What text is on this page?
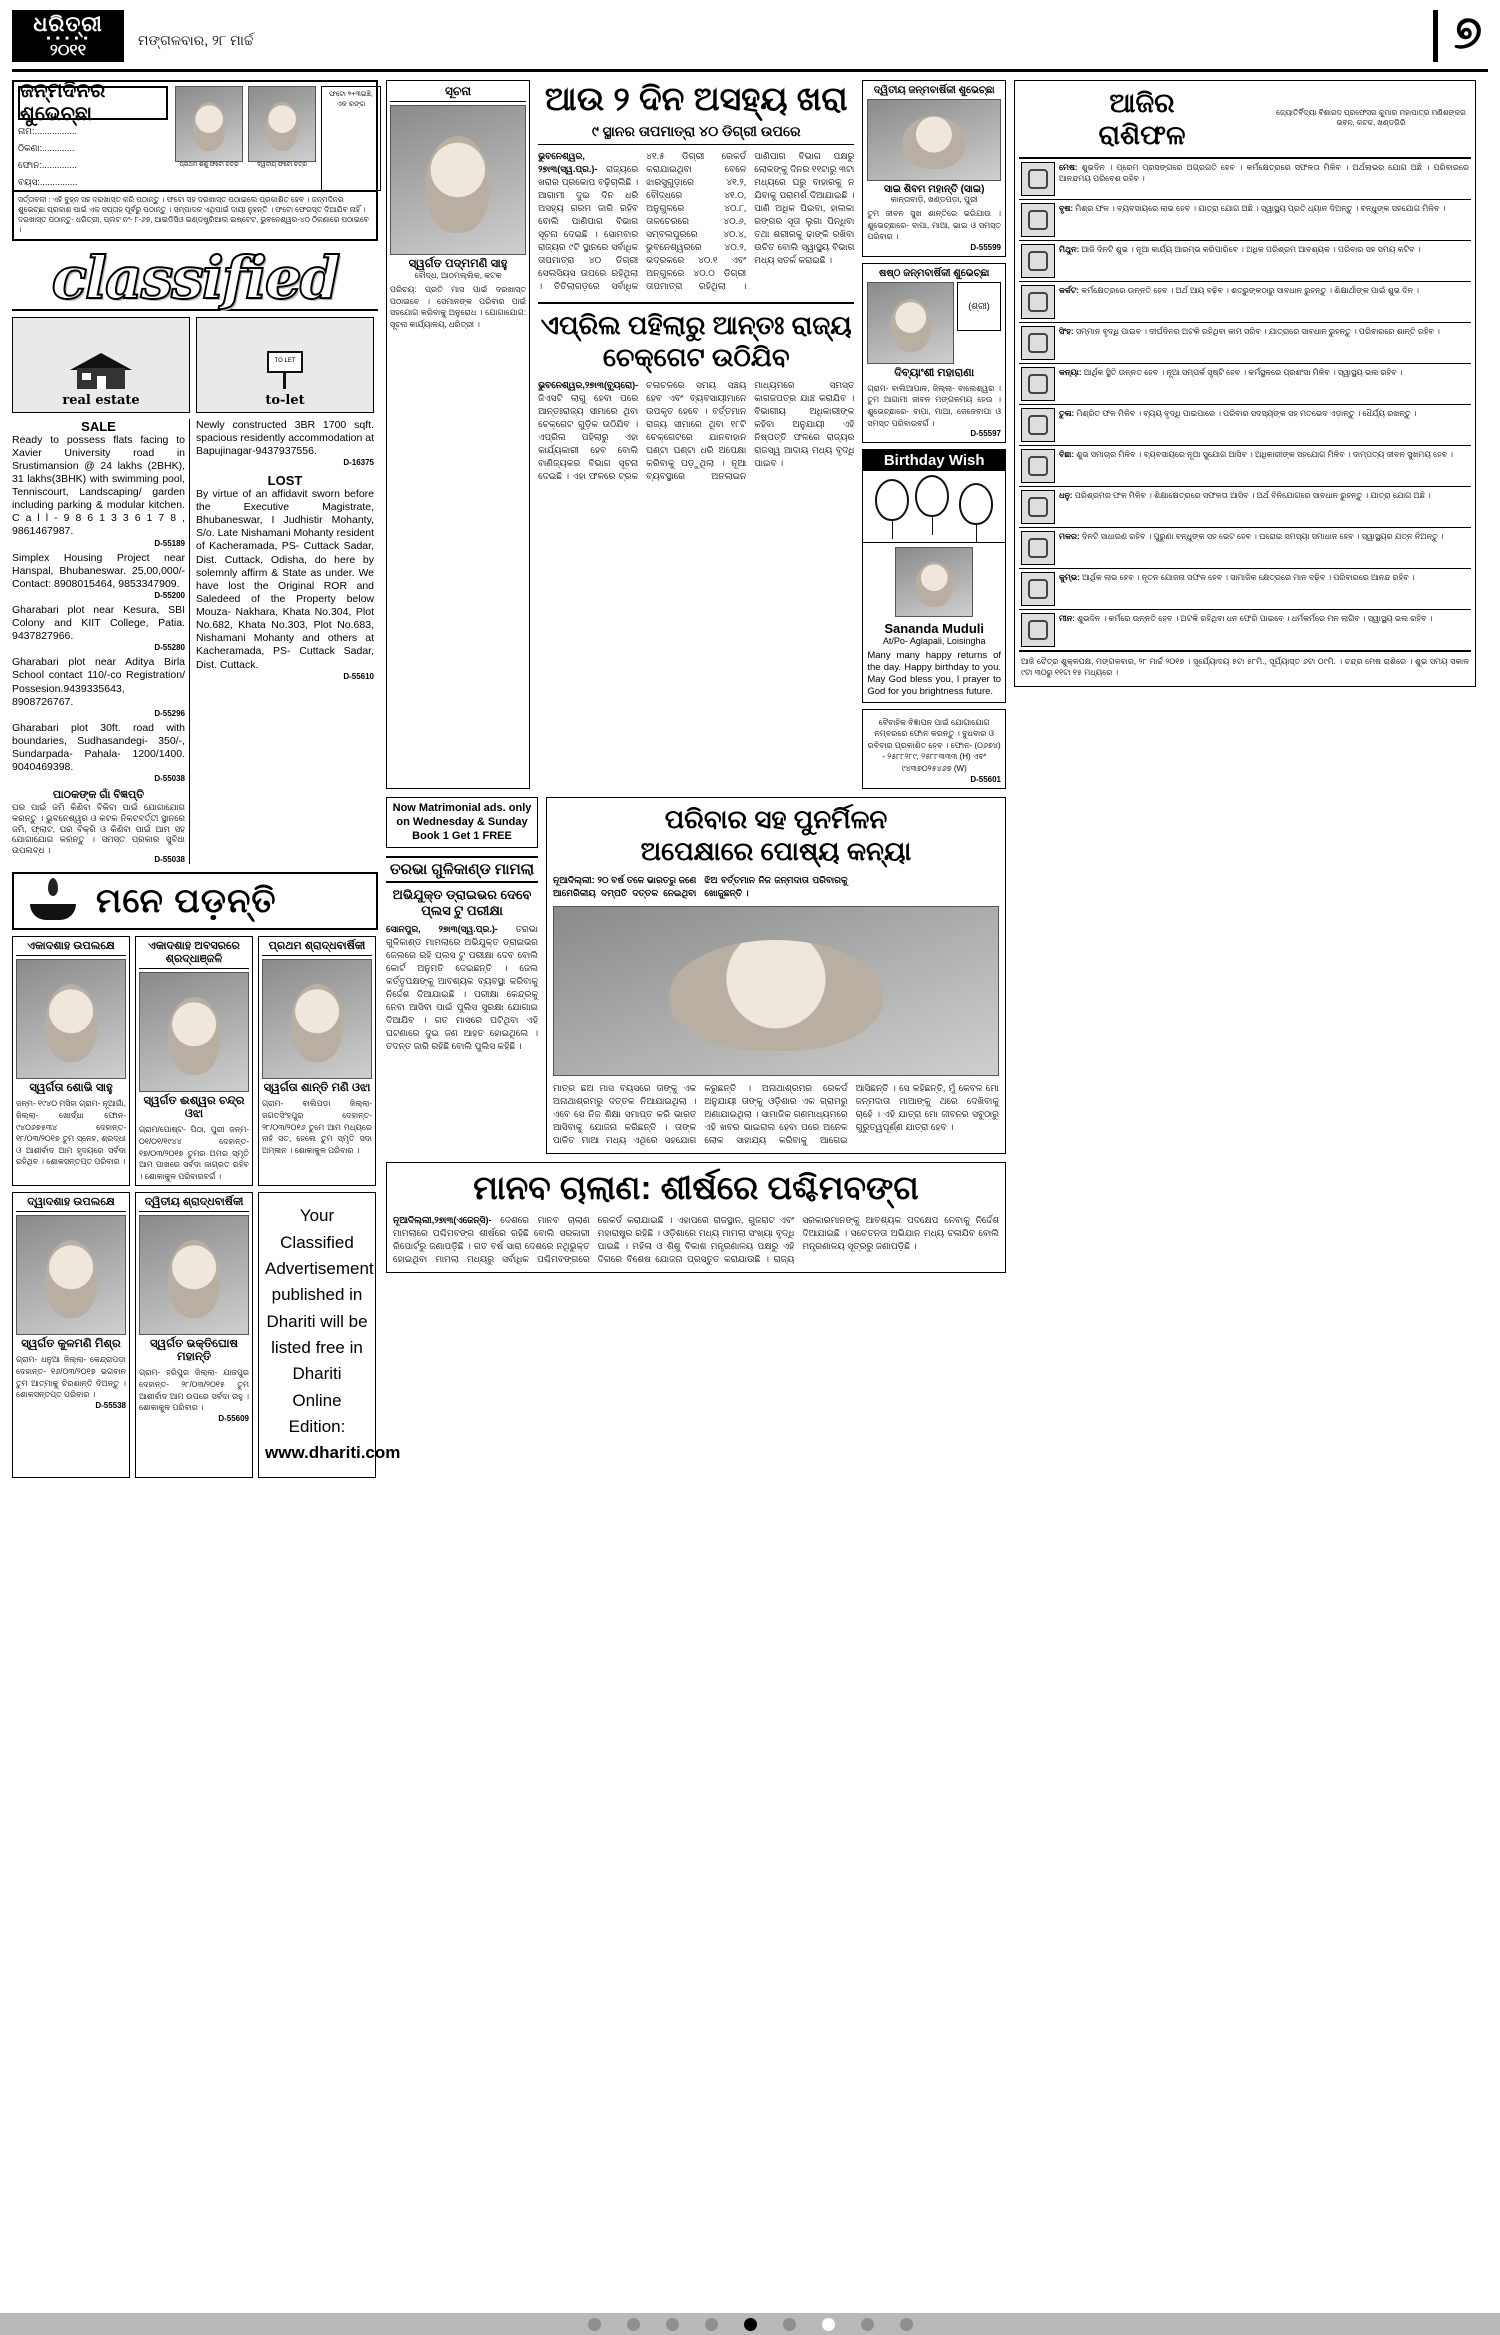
ଧରିତ୍ରୀ
■ ■ ■ ■ ■
୨୦୧୧
ମଙ୍ଗଳବାର, ୨୮ ମାର୍ଚ୍ଚ	୭
ଜନ୍ମଦିନର ଶୁଭେଚ୍ଛା
ନାମ:.................
ଠିକଣା:.............
ଫୋନ:..............
ବୟସ:...............
ପ୍ରଥମ ଶିଶୁ ଫଟୋ ଚିତ୍ର	ଦ୍ୱିତୀୟ ଫଟୋ ଚିତ୍ର
ଫଟୋ ୨+୩ଇଞ୍ଚି, ଏକ ରଙ୍ଗ
ସର୍ତ୍ତାବଳୀ : ଏହି ବୁହ୍ନ ସହ ଦରଖାସ୍ତ କରି ପଠାନ୍ତୁ । ଫଟୋ ସହ ଦରଖାସ୍ତ ପଠାଇଲେ ପ୍ରକାଶିତ ହେବ । ଜନ୍ମଦିନର ଶୁଭେଚ୍ଛା ପ୍ରକାଶ ପାଇଁ ଏକ ସପ୍ତାହ ପୂର୍ବରୁ ପଠାନ୍ତୁ । ସମ୍ପାଦକ ଏଥିପାଇଁ ଦାୟୀ ନୁହନ୍ତି । ଫଟୋ ଫେରସ୍ତ ଦିଆଯିବ ନାହିଁ । ଦରଖାସ୍ତ ପଠାନ୍ତୁ- ଧରିତ୍ରୀ, ପ୍ଲଟ ନଂ- ୮-୬୭, ଆଇଡିସିଓ ଇଣ୍ଡଷ୍ଟ୍ରିଆଲ ଇଷ୍ଟେଟ, ଭୁବନେଶ୍ୱର-୪୦ ଠିକଣାରେ ପଠାଇବେ ।
classified
real estate
TO LET
to-let
SALE
Ready to possess flats facing to Xavier University road in Srustimansion @ 24 lakhs (2BHK), 31 lakhs(3BHK) with swimming pool, Tenniscourt, Landscaping/ garden including parking & modular kitchen. C a l l - 9 8 6 1 3 3 6 1 7 8 , 9861467987.
D-55189
Simplex Housing Project near Hanspal, Bhubaneswar. 25,00,000/- Contact: 8908015464, 9853347909.
D-55200
Gharabari plot near Kesura, SBI Colony and KIIT College, Patia. 9437827966.
D-55280
Gharabari plot near Aditya Birla School contact 110/-co Registration/ Possesion.9439335643, 8908726767.
D-55296
Gharabari plot 30ft. road with boundaries, Sudhasandegi- 350/-, Sundarpada- Pahala- 1200/1400. 9040469398.
D-55038
ପାଠକଙ୍କ ଗାଁ ବିଜ୍ଞପ୍ତି
ଘର ପାଇଁ ଜମି କିଣିବା ବିକିବା ପାଇଁ ଯୋଗାଯୋଗ କରନ୍ତୁ । ଭୁବନେଶ୍ୱର ଓ କଟକ ନିକଟବର୍ତ୍ତୀ ସ୍ଥାନରେ ଜମି, ଫ୍ଲାଟ, ଘର ବିକ୍ରି ଓ କିଣିବା ପାଇଁ ଆମ ସହ ଯୋଗାଯୋଗ କରନ୍ତୁ । ସମସ୍ତ ପ୍ରକାର ସୁବିଧା ଉପଲବ୍ଧ ।
D-55038
Newly constructed 3BR 1700 sqft. spacious residently accommodation at Bapujinagar-9437937556.
D-16375
LOST
By virtue of an affidavit sworn before the Executive Magistrate, Bhubaneswar, I Judhistir Mohanty, S/o. Late Nishamani Mohanty resident of Kacheramada, PS- Cuttack Sadar, Dist. Cuttack, Odisha, do here by solemnly affirm & State as under. We have lost the Original ROR and Saledeed of the Property below Mouza- Nakhara, Khata No.304, Plot No.682, Khata No.303, Plot No.683, Nishamani Mohanty and others at Kacheramada, PS- Cuttack Sadar, Dist. Cuttack.
D-55610
ମନେ ପଡ଼ନ୍ତି
ଏକାଦଶାହ ଉପଲକ୍ଷେ
ସ୍ୱର୍ଗତା ଶୋଭି ସାହୁ
ଜନ୍ମ- ୧୯୪୦ ମସିହା ଗ୍ରାମ- ନୂଆଗାଁ, ଜିଲ୍ଲା- ଖୋର୍ଦ୍ଧା ଫୋନ- ୯୪୦୬୭୫୩୪ ଦେହାନ୍ତ- ୧୮/୦୩/୨୦୧୭ ତୁମ ସ୍ନେହ, ଶ୍ରଦ୍ଧା ଓ ଆଶୀର୍ବାଦ ଆମ ହୃଦୟରେ ସର୍ବଦା ରହିଥିବ । ଶୋକସନ୍ତପ୍ତ ପରିବାର ।
ଏକାଦଶାହ ଅବସରରେ ଶ୍ରଦ୍ଧାଞ୍ଜଳି
ସ୍ୱର୍ଗତ ଈଶ୍ୱର ଚନ୍ଦ୍ର ଓଝା
ଗ୍ରାମ/ପୋଷ୍ଟ- ପିଠା, ପୁରୀ ଜନ୍ମ- ୦୧/୦୧/୧୯୪୪ ଦେହାନ୍ତ- ୧୭/୦୩/୨୦୧୭ ତୁମର ଅମର ସ୍ମୃତି ଆମ ପାଖରେ ସର୍ବଦା ଜାଗ୍ରତ ରହିବ । ଶୋକାକୁଳ ପରିବାରବର୍ଗ ।
ପ୍ରଥମ ଶ୍ରାଦ୍ଧବାର୍ଷିକୀ
ସ୍ୱର୍ଗତା ଶାନ୍ତି ମଣି ଓଝା
ଗ୍ରାମ- ବାଲିପଡ଼ା ଜିଲ୍ଲା- ଜଗତସିଂହପୁର ଦେହାନ୍ତ- ୨୮/୦୩/୨୦୧୬ ତୁମେ ଆମ ମଧ୍ୟରେ ନାହଁ ସତ, ହେଲେ ତୁମ ସ୍ମୃତି ସଦା ଅମ୍ଳାନ । ଶୋକାକୁଳ ପରିବାର ।
ଦ୍ୱାଦଶାହ ଉପଲକ୍ଷେ
ସ୍ୱର୍ଗତ କୁଳମଣି ମିଶ୍ର
ଗ୍ରାମ- ଧନୁଆ ଜିଲ୍ଲା- କେନ୍ଦ୍ରାପଡ଼ା ଦେହାନ୍ତ- ୧୬/୦୩/୨୦୧୭ ଭଗବାନ ତୁମ ଆତ୍ମାକୁ ଚିରଶାନ୍ତି ଦିଅନ୍ତୁ । ଶୋକସନ୍ତପ୍ତ ପରିବାର ।
D-55538
ଦ୍ୱିତୀୟ ଶ୍ରାଦ୍ଧବାର୍ଷିକୀ
ସ୍ୱର୍ଗତ ଭକ୍ତିଘୋଷ ମହାନ୍ତି
ଗ୍ରାମ- ହରିପୁର ଜିଲ୍ଲା- ଯାଜପୁର ଦେହାନ୍ତ- ୨୮/୦୩/୨୦୧୫ ତୁମ ଆଶୀର୍ବାଦ ଆମ ଉପରେ ସର୍ବଦା ରହୁ । ଶୋକାକୁଳ ପରିବାର ।
D-55609
Your
Classified
Advertisement
published in
Dhariti will be
listed free in
Dhariti
Online Edition:
www.dhariti.com
ସୂଚନା
ସ୍ୱର୍ଗତ ପଦ୍ମମଣି ସାହୁ
ବୌଦ୍ଧ, ଆଠମଲ୍ଲିକ, କଟକ
ପରିଚୟ: ପ୍ରତି ମାସ ପାଇଁ ଦରଖାସ୍ତ ପଠାଇବେ । ସେମାନଙ୍କ ପରିବାର ପାଇଁ ସହଯୋଗ କରିବାକୁ ଅନୁରୋଧ । ଯୋଗାଯୋଗ: ସୂଚନା କାର୍ଯ୍ୟାଳୟ, ଧରିତ୍ରୀ ।
ଆଉ ୨ ଦିନ ଅସହ୍ୟ ଖରା
୯ ସ୍ଥାନର ତାପମାତ୍ରା ୪୦ ଡିଗ୍ରୀ ଉପରେ
ଭୁବନେଶ୍ୱର, ୨୭ା୩(ସ୍ୱ.ପ୍ର.)- ରାଜ୍ୟରେ ଖରାର ପ୍ରକୋପ ବଢ଼ିଚାଲିଛି । ଆଗାମୀ ଦୁଇ ଦିନ ଧରି ଅସହ୍ୟ ଗରମ ଜାରି ରହିବ ବୋଲି ପାଣିପାଗ ବିଭାଗ ସୂଚନା ଦେଇଛି । ସୋମବାର ରାଜ୍ୟର ୯ଟି ସ୍ଥାନରେ ସର୍ବାଧିକ ତାପମାତ୍ରା ୪୦ ଡିଗ୍ରୀ ସେଲସିୟସ ଉପରେ ରହିଥିଲା । ତିତିଲାଗଡ଼ରେ ସର୍ବାଧିକ ୪୧.୫ ଡିଗ୍ରୀ ରେକର୍ଡ କରାଯାଇଥିବା ବେଳେ ଝାରସୁଗୁଡ଼ାରେ ୪୧.୨, ବୌଦ୍ଧରେ ୪୧.୦, ଅନୁଗୁଳରେ ୪୦.୮, ତାଳଚେରରେ ୪୦.୬, ସମ୍ବଲପୁରରେ ୪୦.୪, ଭୁବନେଶ୍ୱରରେ ୪୦.୨, ଭଦ୍ରକରେ ୪୦.୧ ଏବଂ ଅନ୍ଗୁଳରେ ୪୦.୦ ଡିଗ୍ରୀ ତାପମାତ୍ରା ରହିଥିଲା । ପାଣିପାଗ ବିଭାଗ ପକ୍ଷରୁ ଲୋକଙ୍କୁ ଦିନର ୧୧ଟାରୁ ୩ଟା ମଧ୍ୟରେ ଘରୁ ବାହାରକୁ ନ ଯିବାକୁ ପରାମର୍ଶ ଦିଆଯାଇଛି । ପାଣି ଅଧିକ ପିଇବା, ହାଲକା ରଙ୍ଗର ସୂତା ଲୁଗା ପିନ୍ଧିବା ତଥା ଶରୀରକୁ ଢାଙ୍କି ରଖିବା ଉଚିତ ବୋଲି ସ୍ୱାସ୍ଥ୍ୟ ବିଭାଗ ମଧ୍ୟ ସତର୍କ କରାଇଛି ।
ଏପ୍ରିଲ ପହିଲାରୁ ଆନ୍ତଃ ରାଜ୍ୟ ଚେକ୍‌ଗେଟ ଉଠିଯିବ
ଭୁବନେଶ୍ୱର,୨୭ା୩(ବ୍ୟୁରୋ)- ଜିଏସଟି ଲାଗୁ ହେବା ପରେ ଆନ୍ତଃରାଜ୍ୟ ସୀମାରେ ଥିବା ଚେକ୍‌ଗେଟ ଗୁଡ଼ିକ ଉଠିଯିବ । ଏପ୍ରିଲ ପହିଲାରୁ ଏହା କାର୍ଯ୍ୟକାରୀ ହେବ ବୋଲି ବାଣିଜ୍ୟକର ବିଭାଗ ସୂଚନା ଦେଇଛି । ଏହା ଫଳରେ ଟ୍ରକ ଚଳାଚଳରେ ସମୟ ସଞ୍ଚୟ ହେବ ଏବଂ ବ୍ୟବସାୟୀମାନେ ଉପକୃତ ହେବେ । ବର୍ତ୍ତମାନ ରାଜ୍ୟ ସୀମାରେ ଥିବା ୧୮ଟି ଚେକ୍‌ଗେଟରେ ଯାନବାହାନ ଘଣ୍ଟା ଘଣ୍ଟା ଧରି ଅପେକ୍ଷା କରିବାକୁ ପଡ଼ୁଥିଲା । ନୂଆ ବ୍ୟବସ୍ଥାରେ ଅନଲାଇନ ମାଧ୍ୟମରେ ସମସ୍ତ କାଗଜପତ୍ର ଯାଞ୍ଚ କରାଯିବ । ବିଭାଗୀୟ ଅଧିକାରୀଙ୍କ କହିବା ଅନୁଯାୟୀ ଏହି ନିଷ୍ପତ୍ତି ଫଳରେ ରାଜ୍ୟର ରାଜସ୍ୱ ଆଦାୟ ମଧ୍ୟ ବୃଦ୍ଧି ପାଇବ ।
ଦ୍ୱିତୀୟ ଜନ୍ମବାର୍ଷିକୀ ଶୁଭେଚ୍ଛା
ସାଇ ଶିବମ ମହାନ୍ତି (ସାଇ)
କାନ୍ତାବାଡ଼ି, ଖଣ୍ଡପଡ଼ା, ପୁରୀ
ତୁମ ଜୀବନ ସୁଖ ଶାନ୍ତିରେ ଭରିଯାଉ । ଶୁଭେଚ୍ଛାରେ- ବାପା, ମାଆ, ଭାଇ ଓ ସମସ୍ତ ପରିବାର ।
D-55599
ଷଷ୍ଠ ଜନ୍ମବାର୍ଷିକୀ ଶୁଭେଚ୍ଛା
(ଶ୍ରୀ)
ଦିବ୍ୟାଂଶୀ ମହାରାଣା
ଗ୍ରାମ- ବାଲିଆପାଳ, ଜିଲ୍ଲା- ବାଲେଶ୍ୱର । ତୁମ ଆଗାମୀ ଜୀବନ ମଙ୍ଗଳମୟ ହେଉ । ଶୁଭେଚ୍ଛାରେ- ବାପା, ମାଆ, ଜେଜେବାପା ଓ ସମସ୍ତ ପରିବାରବର୍ଗ ।
D-55597
Birthday Wish
Sananda Muduli
At/Po- Aglapali, Loisingha
Many many happy returns of the day. Happy birthday to you. May God bless you, I prayer to God for you brightness future.
ବୈବାହିକ ବିଜ୍ଞାପନ ପାଇଁ ଯୋଗାଯୋଗ ନମ୍ବରରେ ଫୋନ କରନ୍ତୁ । ବୁଧବାର ଓ ରବିବାର ପ୍ରକାଶିତ ହେବ । ଫୋନ- (୦୬୭୪) - ୨୫୮୮୨୮୯, ୨୫୮୮୩୩୩ (H) ଏବଂ ୯୪୩୭୦୨୫୪୬୭ (W)
D-55601
Now Matrimonial ads. only on Wednesday & Sunday
Book 1 Get 1 FREE
ତରଭା ଗୁଳିକାଣ୍ଡ ମାମଲା
ଅଭିଯୁକ୍ତ ଡ୍ରାଇଭର ଦେବେ ପ୍ଲସ ଟୁ ପରୀକ୍ଷା
ସୋନପୁର, ୨୭ା୩(ସ୍ୱ.ପ୍ର.)- ତରଭା ଗୁଳିକାଣ୍ଡ ମାମଲାରେ ଅଭିଯୁକ୍ତ ଡ୍ରାଇଭର ଜେଲରେ ରହି ପ୍ଲସ ଟୁ ପରୀକ୍ଷା ଦେବ ବୋଲି କୋର୍ଟ ଅନୁମତି ଦେଇଛନ୍ତି । ଜେଲ କର୍ତ୍ତୃପକ୍ଷଙ୍କୁ ଆବଶ୍ୟକ ବ୍ୟବସ୍ଥା କରିବାକୁ ନିର୍ଦ୍ଦେଶ ଦିଆଯାଇଛି । ପରୀକ୍ଷା କେନ୍ଦ୍ରକୁ ନେବା ଆସିବା ପାଇଁ ପୁଲିସ ସୁରକ୍ଷା ଯୋଗାଇ ଦିଆଯିବ । ଗତ ମାସରେ ଘଟିଥିବା ଏହି ଘଟଣାରେ ଦୁଇ ଜଣ ଆହତ ହୋଇଥିଲେ । ତଦନ୍ତ ଜାରି ରହିଛି ବୋଲି ପୁଲିସ କହିଛି ।
ପରିବାର ସହ ପୁନର୍ମିଳନ
ଅପେକ୍ଷାରେ ପୋଷ୍ୟ କନ୍ୟା
ନୂଆଦିଲ୍ଲୀ: ୨୦ ବର୍ଷ ତଳେ ଭାରତରୁ ଜଣେ ଆମେରିକୀୟ ଦମ୍ପତି ଦତ୍ତକ ନେଇଥିବା ଝିଅ ବର୍ତ୍ତମାନ ନିଜ ଜନ୍ମଦାତା ପରିବାରକୁ ଖୋଜୁଛନ୍ତି ।
ମାତ୍ର ଛଅ ମାସ ବୟସରେ ତାଙ୍କୁ ଏକ ଅନାଥାଶ୍ରମରୁ ଦତ୍ତକ ନିଆଯାଇଥିଲା । ଏବେ ସେ ନିଜ ଶିକ୍ଷା ସମାପ୍ତ କରି ଭାରତ ଆସିବାକୁ ଯୋଜନା କରିଛନ୍ତି । ତାଙ୍କ ପାଳିତ ମାଆ ମଧ୍ୟ ଏଥିରେ ସହଯୋଗ କରୁଛନ୍ତି । ଅନାଥାଶ୍ରମର ରେକର୍ଡ ଅନୁଯାୟୀ ତାଙ୍କୁ ଓଡ଼ିଶାର ଏକ ଗ୍ରାମରୁ ଅଣାଯାଇଥିଲା । ସାମାଜିକ ଗଣମାଧ୍ୟମରେ ଏହି ଖବର ଭାଇରାଲ ହେବା ପରେ ଅନେକ ଲୋକ ସାହାଯ୍ୟ କରିବାକୁ ଆଗେଇ ଆସିଛନ୍ତି । ସେ କହିଛନ୍ତି, ମୁଁ କେବଳ ମୋ ଜନ୍ମଦାତା ମାଆଙ୍କୁ ଥରେ ଦେଖିବାକୁ ଚାହେଁ । ଏହି ଯାତ୍ରା ମୋ ଜୀବନର ସବୁଠାରୁ ଗୁରୁତ୍ୱପୂର୍ଣ୍ଣ ଯାତ୍ରା ହେବ ।
ମାନବ ଚାଲାଣ: ଶୀର୍ଷରେ ପଶ୍ଚିମବଙ୍ଗ
ନୂଆଦିଲ୍ଲୀ,୨୭ା୩(ଏଜେନ୍ସି)- ଦେଶରେ ମାନବ ଚାଲାଣ ମାମଲାରେ ପଶ୍ଚିମବଙ୍ଗ ଶୀର୍ଷରେ ରହିଛି ବୋଲି ସରକାରୀ ରିପୋର୍ଟରୁ ଜଣାପଡ଼ିଛି । ଗତ ବର୍ଷ ସାରା ଦେଶରେ ନଥିଭୁକ୍ତ ହୋଇଥିବା ମାମଲା ମଧ୍ୟରୁ ସର୍ବାଧିକ ପଶ୍ଚିମବଙ୍ଗରେ ରେକର୍ଡ କରାଯାଇଛି । ଏହାପରେ ରାଜସ୍ଥାନ, ଗୁଜରାଟ ଏବଂ ମହାରାଷ୍ଟ୍ର ରହିଛି । ଓଡ଼ିଶାରେ ମଧ୍ୟ ମାମଲା ସଂଖ୍ୟା ବୃଦ୍ଧି ପାଇଛି । ମହିଳା ଓ ଶିଶୁ ବିକାଶ ମନ୍ତ୍ରଣାଳୟ ପକ୍ଷରୁ ଏହି ଦିଗରେ ବିଶେଷ ଯୋଜନା ପ୍ରସ୍ତୁତ କରାଯାଉଛି । ରାଜ୍ୟ ସରକାରମାନଙ୍କୁ ଆବଶ୍ୟକ ପଦକ୍ଷେପ ନେବାକୁ ନିର୍ଦ୍ଦେଶ ଦିଆଯାଇଛି । ସଚେତନତା ଅଭିଯାନ ମଧ୍ୟ ଚଳାଯିବ ବୋଲି ମନ୍ତ୍ରଣାଳୟ ସୂତ୍ରରୁ ଜଣାପଡ଼ିଛି ।
ଆଜିର
ରାଶିଫଳ
ଜ୍ୟୋତିର୍ବିଦ୍ୟା ବିଶାରଦ ପ୍ରଫେସର କୁମାର ମହାପାତ୍ର ମଣିଶଙ୍କର ଭବନ, କଟକ, ଖଣ୍ଡଗିରି
ମେଷ: ଶୁଭଦିନ । ପ୍ରେମ ପ୍ରସଙ୍ଗରେ ଅଗ୍ରଗତି ହେବ । କର୍ମକ୍ଷେତ୍ରରେ ସଫଳତା ମିଳିବ । ଅର୍ଥଲାଭର ଯୋଗ ଅଛି । ପରିବାରରେ ଆନନ୍ଦମୟ ପରିବେଶ ରହିବ ।
ବୃଷ: ମିଶ୍ର ଫଳ । ବ୍ୟବସାୟରେ ଲାଭ ହେବ । ଯାତ୍ରା ଯୋଗ ଅଛି । ସ୍ୱାସ୍ଥ୍ୟ ପ୍ରତି ଧ୍ୟାନ ଦିଅନ୍ତୁ । ବନ୍ଧୁଙ୍କ ସହଯୋଗ ମିଳିବ ।
ମିଥୁନ: ଆଜି ଦିନଟି ଶୁଭ । ନୂଆ କାର୍ଯ୍ୟ ଆରମ୍ଭ କରିପାରିବେ । ଅଧିକ ପରିଶ୍ରମ ଆବଶ୍ୟକ । ପରିବାର ସହ ସମୟ କଟିବ ।
କର୍କଟ: କର୍ମକ୍ଷେତ୍ରରେ ଉନ୍ନତି ହେବ । ଅର୍ଥ ଆୟ ବଢ଼ିବ । ଶତ୍ରୁଙ୍କଠାରୁ ସାବଧାନ ରୁହନ୍ତୁ । ଶିକ୍ଷାର୍ଥୀଙ୍କ ପାଇଁ ଶୁଭ ଦିନ ।
ସିଂହ: ସମ୍ମାନ ବୃଦ୍ଧି ପାଇବ । ଦୀର୍ଘଦିନର ଅଟକି ରହିଥିବା କାମ ସରିବ । ଯାତ୍ରାରେ ସାବଧାନ ରୁହନ୍ତୁ । ପରିବାରରେ ଶାନ୍ତି ରହିବ ।
କନ୍ୟା: ଆର୍ଥିକ ସ୍ଥିତି ଉନ୍ନତ ହେବ । ନୂଆ ସମ୍ପର୍କ ସୃଷ୍ଟି ହେବ । କର୍ମସ୍ଥଳରେ ପ୍ରଶଂସା ମିଳିବ । ସ୍ୱାସ୍ଥ୍ୟ ଭଲ ରହିବ ।
ତୁଳା: ମିଶ୍ରିତ ଫଳ ମିଳିବ । ବ୍ୟୟ ବୃଦ୍ଧି ପାଇପାରେ । ପରିବାର ସଦସ୍ୟଙ୍କ ସହ ମତଭେଦ ଏଡ଼ାନ୍ତୁ । ଧୈର୍ଯ୍ୟ ରଖନ୍ତୁ ।
ବିଛା: ଶୁଭ ସମାଚାର ମିଳିବ । ବ୍ୟବସାୟରେ ନୂଆ ସୁଯୋଗ ଆସିବ । ଅଧିକାରୀଙ୍କ ସହଯୋଗ ମିଳିବ । ଦାମ୍ପତ୍ୟ ଜୀବନ ସୁଖମୟ ହେବ ।
ଧନୁ: ପରିଶ୍ରମର ଫଳ ମିଳିବ । ଶିକ୍ଷାକ୍ଷେତ୍ରରେ ସଫଳତା ଆସିବ । ଅର୍ଥ ବିନିଯୋଗରେ ସାବଧାନ ରୁହନ୍ତୁ । ଯାତ୍ରା ଯୋଗ ଅଛି ।
ମକର: ଦିନଟି ସାଧାରଣ ରହିବ । ପୁରୁଣା ବନ୍ଧୁଙ୍କ ସହ ଭେଟ ହେବ । ଘରୋଇ ସମସ୍ୟା ସମାଧାନ ହେବ । ସ୍ୱାସ୍ଥ୍ୟର ଯତ୍ନ ନିଅନ୍ତୁ ।
କୁମ୍ଭ: ଆର୍ଥିକ ଲାଭ ହେବ । ନୂତନ ଯୋଜନା ସଫଳ ହେବ । ସାମାଜିକ କ୍ଷେତ୍ରରେ ମାନ ବଢ଼ିବ । ପରିବାରରେ ଆନନ୍ଦ ରହିବ ।
ମୀନ: ଶୁଭଦିନ । କର୍ମରେ ଉନ୍ନତି ହେବ । ଅଟକି ରହିଥିବା ଧନ ଫେରି ପାଇବେ । ଧର୍ମକର୍ମରେ ମନ ଲାଗିବ । ସ୍ୱାସ୍ଥ୍ୟ ଭଲ ରହିବ ।
ଆଜି ଚୈତ୍ର ଶୁକ୍ଳପକ୍ଷ, ମଙ୍ଗଳବାର, ୨୮ ମାର୍ଚ୍ଚ ୨୦୧୭ । ସୂର୍ଯ୍ୟୋଦୟ ୫ଟା ୫୮ମି., ସୂର୍ଯ୍ୟାସ୍ତ ୬ଟା ୦୯ମି. । ଚନ୍ଦ୍ର ମେଷ ରାଶିରେ । ଶୁଭ ସମୟ ସକାଳ ୯ଟା ୩୦ରୁ ୧୧ଟା ୧୫ ମଧ୍ୟରେ ।
